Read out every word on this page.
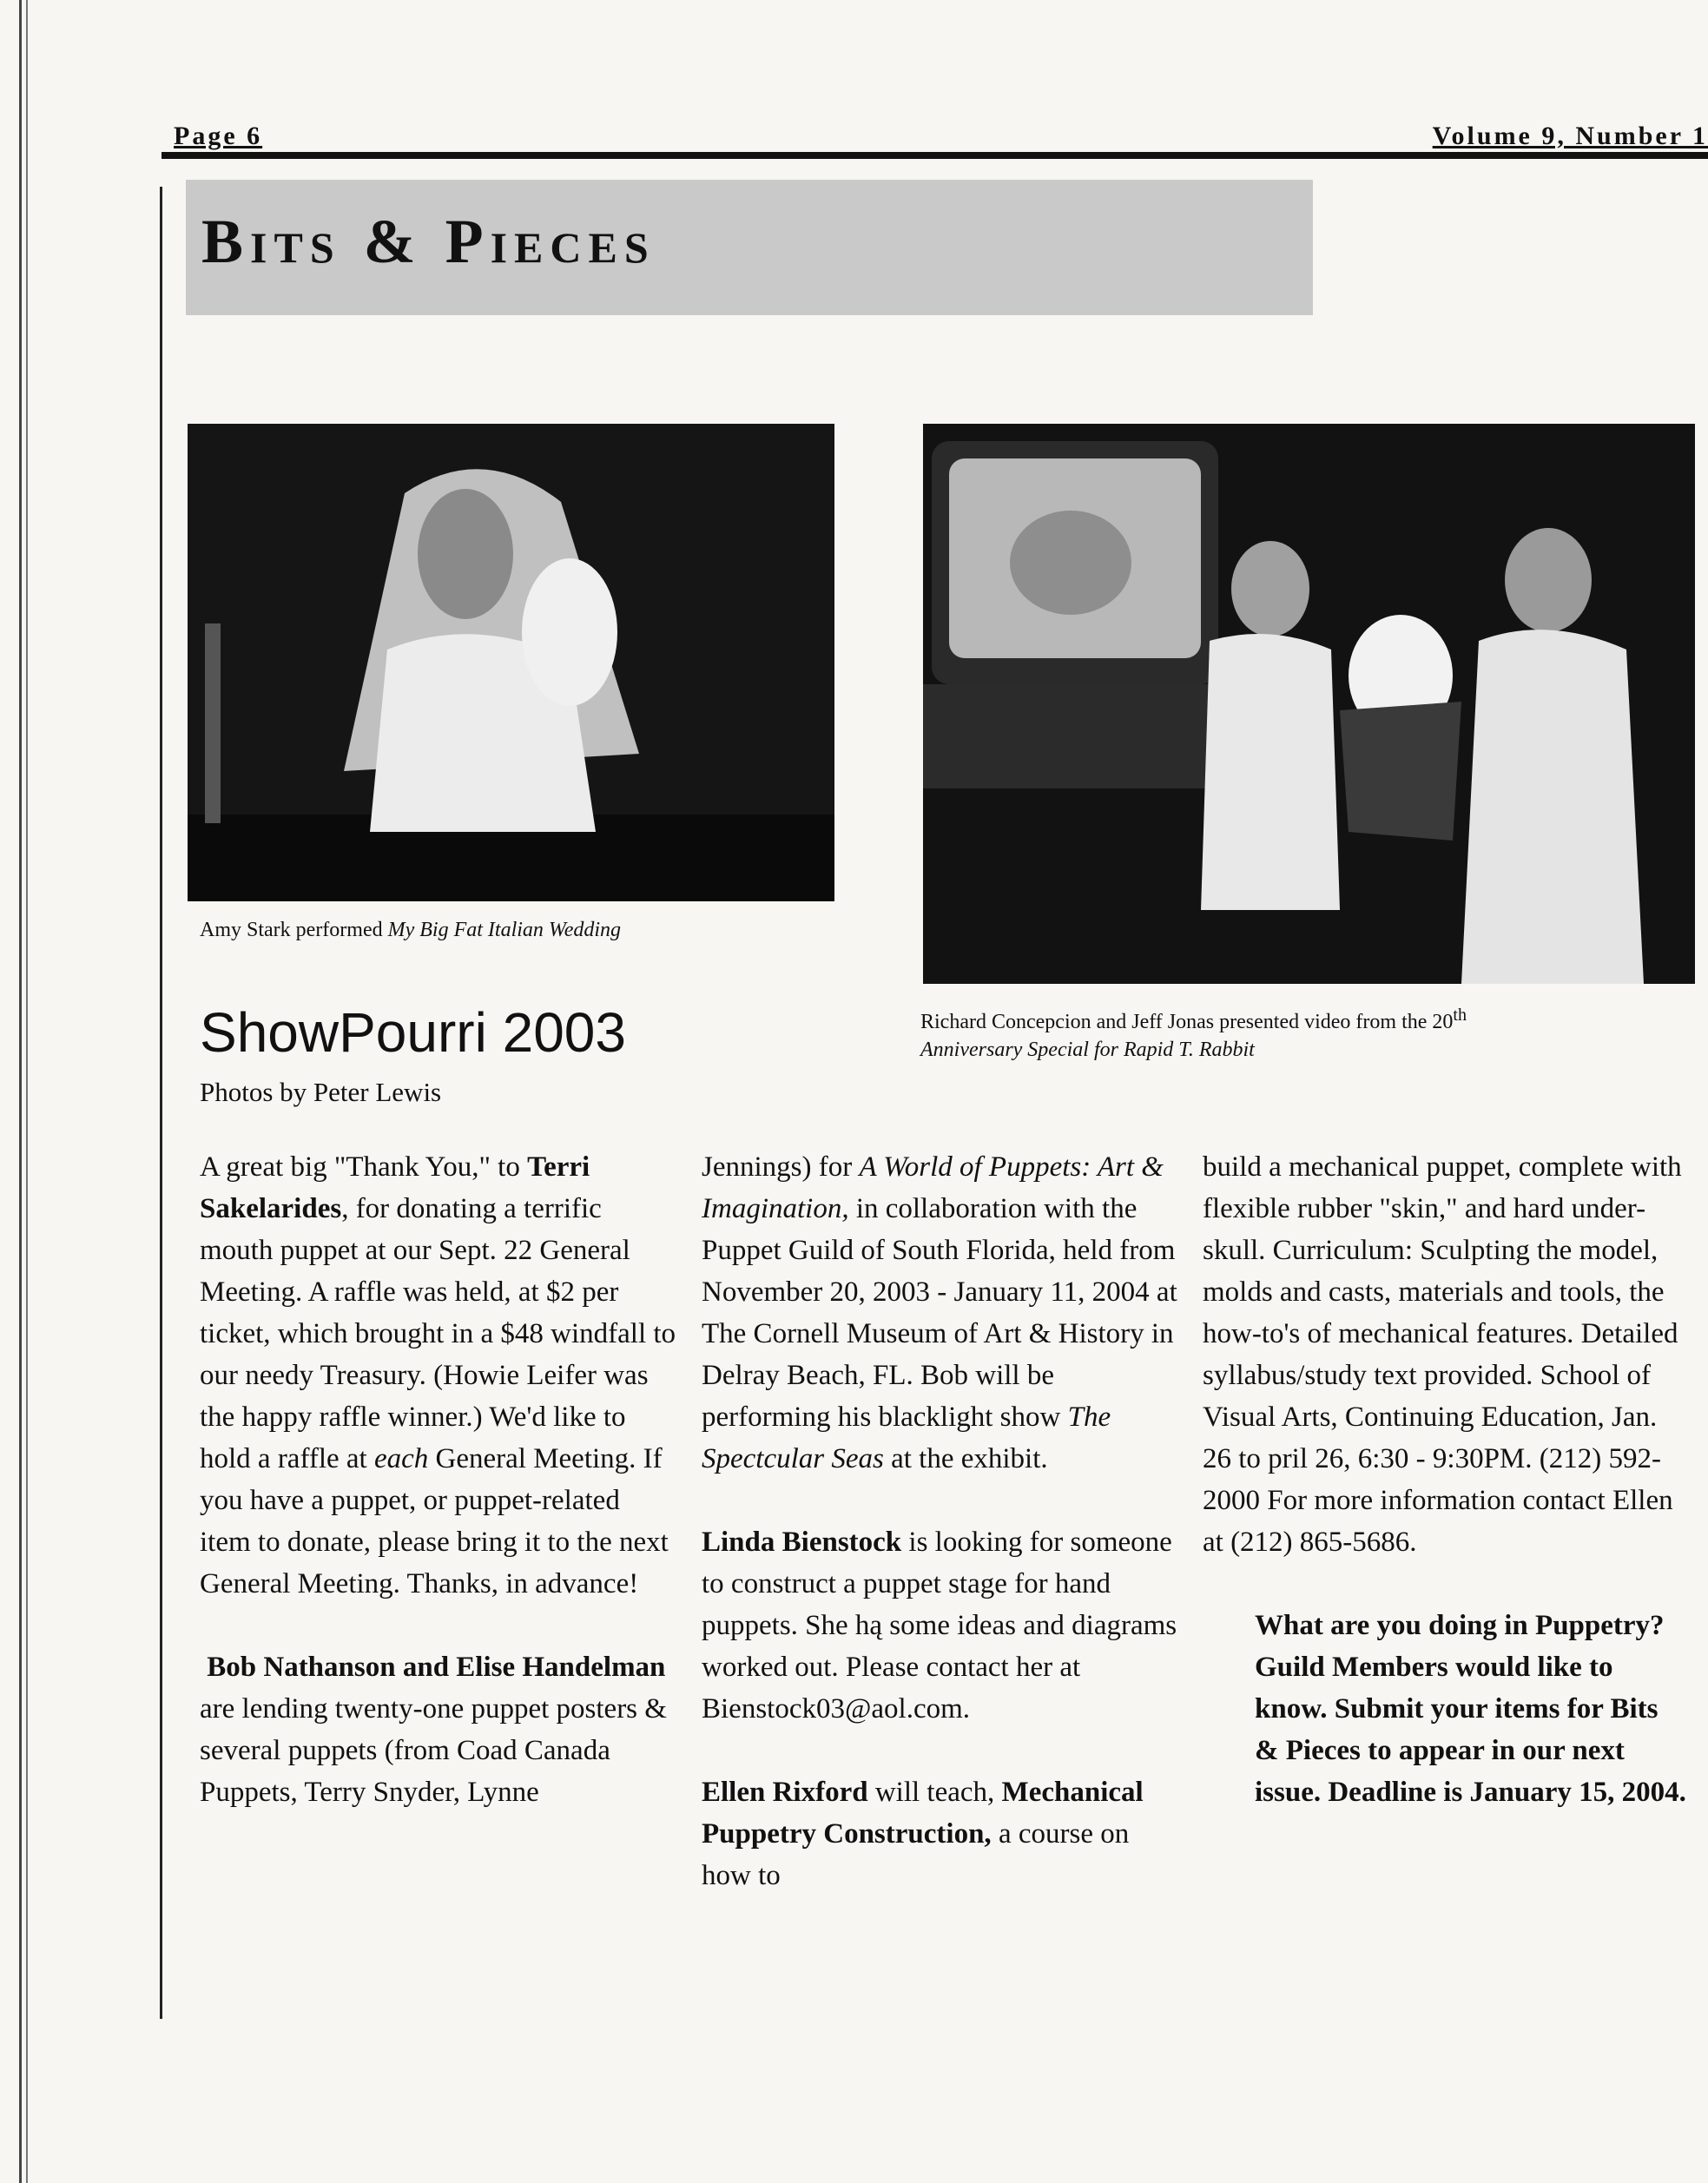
Page 6	Volume 9, Number 1
Bits & Pieces
Amy Stark performed My Big Fat Italian Wedding
Richard Concepcion and Jeff Jonas presented video from the 20th
Anniversary Special for Rapid T. Rabbit
ShowPourri 2003
Photos by Peter Lewis

A great big "Thank You," to Terri Sakelarides, for donating a terrific mouth puppet at our Sept. 22 General Meeting. A raffle was held, at $2 per ticket, which brought in a $48 windfall to our needy Treasury. (Howie Leifer was the happy raffle winner.) We'd like to hold a raffle at each General Meeting. If you have a puppet, or puppet-related item to donate, please bring it to the next General Meeting. Thanks, in advance!

Bob Nathanson and Elise Handelman are lending twenty-one puppet posters & several puppets (from Coad Canada Puppets, Terry Snyder, Lynne

Jennings) for A World of Puppets: Art & Imagination, in collaboration with the Puppet Guild of South Florida, held from November 20, 2003 - January 11, 2004 at The Cornell Museum of Art & History in Delray Beach, FL. Bob will be performing his blacklight show The Spectcular Seas at the exhibit.

Linda Bienstock is looking for someone to construct a puppet stage for hand puppets. She hą some ideas and diagrams worked out. Please contact her at Bienstock03@aol.com.

Ellen Rixford will teach, Mechanical Puppetry Construction, a course on how to

build a mechanical puppet, complete with flexible rubber "skin," and hard under-skull. Curriculum: Sculpting the model, molds and casts, materials and tools, the how-to's of mechanical features. Detailed syllabus/study text provided. School of Visual Arts, Continuing Education, Jan. 26 to pril 26, 6:30 - 9:30PM. (212) 592-2000 For more information contact Ellen at (212) 865-5686.

What are you doing in Puppetry? Guild Members would like to know. Submit your items for Bits & Pieces to appear in our next issue. Deadline is January 15, 2004.
